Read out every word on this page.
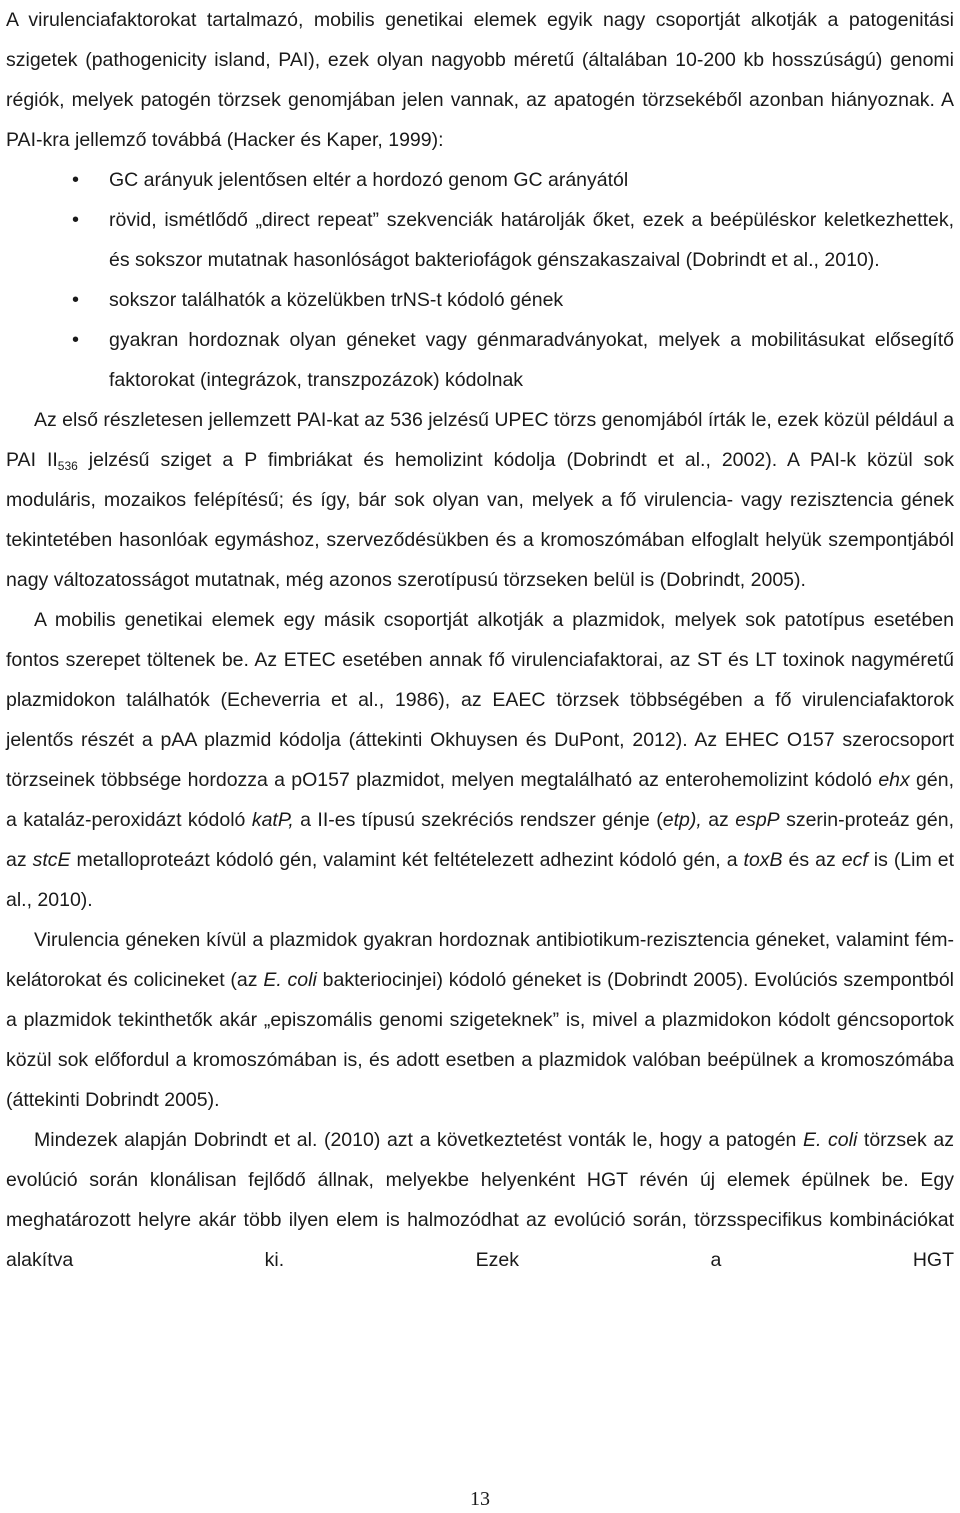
A virulenciafaktorokat tartalmazó, mobilis genetikai elemek egyik nagy csoportját alkotják a patogenitási szigetek (pathogenicity island, PAI), ezek olyan nagyobb méretű (általában 10-200 kb hosszúságú) genomi régiók, melyek patogén törzsek genomjában jelen vannak, az apatogén törzsekéből azonban hiányoznak. A PAI-kra jellemző továbbá (Hacker és Kaper, 1999):

• GC arányuk jelentősen eltér a hordozó genom GC arányától
• rövid, ismétlődő „direct repeat” szekvenciák határolják őket, ezek a beépüléskor keletkezhettek, és sokszor mutatnak hasonlóságot bakteriofágok génszakaszaival (Dobrindt et al., 2010).
• sokszor találhatók a közelükben trNS-t kódoló gének
• gyakran hordoznak olyan géneket vagy génmaradványokat, melyek a mobilitásukat elősegítő faktorokat (integrázok, transzpozázok) kódolnak

Az első részletesen jellemzett PAI-kat az 536 jelzésű UPEC törzs genomjából írták le, ezek közül például a PAI $II_{536}$ jelzésű sziget a P fimbriákat és hemolizint kódolja (Dobrindt et al., 2002). A PAI-k közül sok moduláris, mozaikos felépítésű; és így, bár sok olyan van, melyek a fő virulencia- vagy rezisztencia gének tekintetében hasonlóak egymáshoz, szerveződésükben és a kromoszómában elfoglalt helyük szempontjából nagy változatosságot mutatnak, még azonos szerotípusú törzseken belül is (Dobrindt, 2005).

A mobilis genetikai elemek egy másik csoportját alkotják a plazmidok, melyek sok patotípus esetében fontos szerepet töltenek be. Az ETEC esetében annak fő virulenciafaktorai, az ST és LT toxinok nagyméretű plazmidokon találhatók (Echeverria et al., 1986), az EAEC törzsek többségében a fő virulenciafaktorok jelentős részét a pAA plazmid kódolja (áttekinti Okhuysen és DuPont, 2012). Az EHEC O157 szerocsoport törzseinek többsége hordozza a pO157 plazmidot, melyen megtalálható az enterohemolizint kódoló ehx gén, a kataláz-peroxidázt kódoló katP, a II-es típusú szekréciós rendszer génje (etp), az espP szerin-proteáz gén, az stcE metalloproteázt kódoló gén, valamint két feltételezett adhezint kódoló gén, a toxB és az ecf is (Lim et al., 2010).

Virulencia géneken kívül a plazmidok gyakran hordoznak antibiotikum-rezisztencia géneket, valamint fém-kelátorokat és colicineket (az E. coli bakteriocinjei) kódoló géneket is (Dobrindt 2005). Evolúciós szempontból a plazmidok tekinthetők akár „episzomális genomi szigeteknek” is, mivel a plazmidokon kódolt géncsoportok közül sok előfordul a kromoszómában is, és adott esetben a plazmidok valóban beépülnek a kromoszómába (áttekinti Dobrindt 2005).

Mindezek alapján Dobrindt et al. (2010) azt a következtetést vonták le, hogy a patogén E. coli törzsek az evolúció során klonálisan fejlődő állnak, melyekbe helyenként HGT révén új elemek épülnek be. Egy meghatározott helyre akár több ilyen elem is halmozódhat az evolúció során, törzsspecifikus kombinációkat alakítva ki. Ezek a HGT

13
